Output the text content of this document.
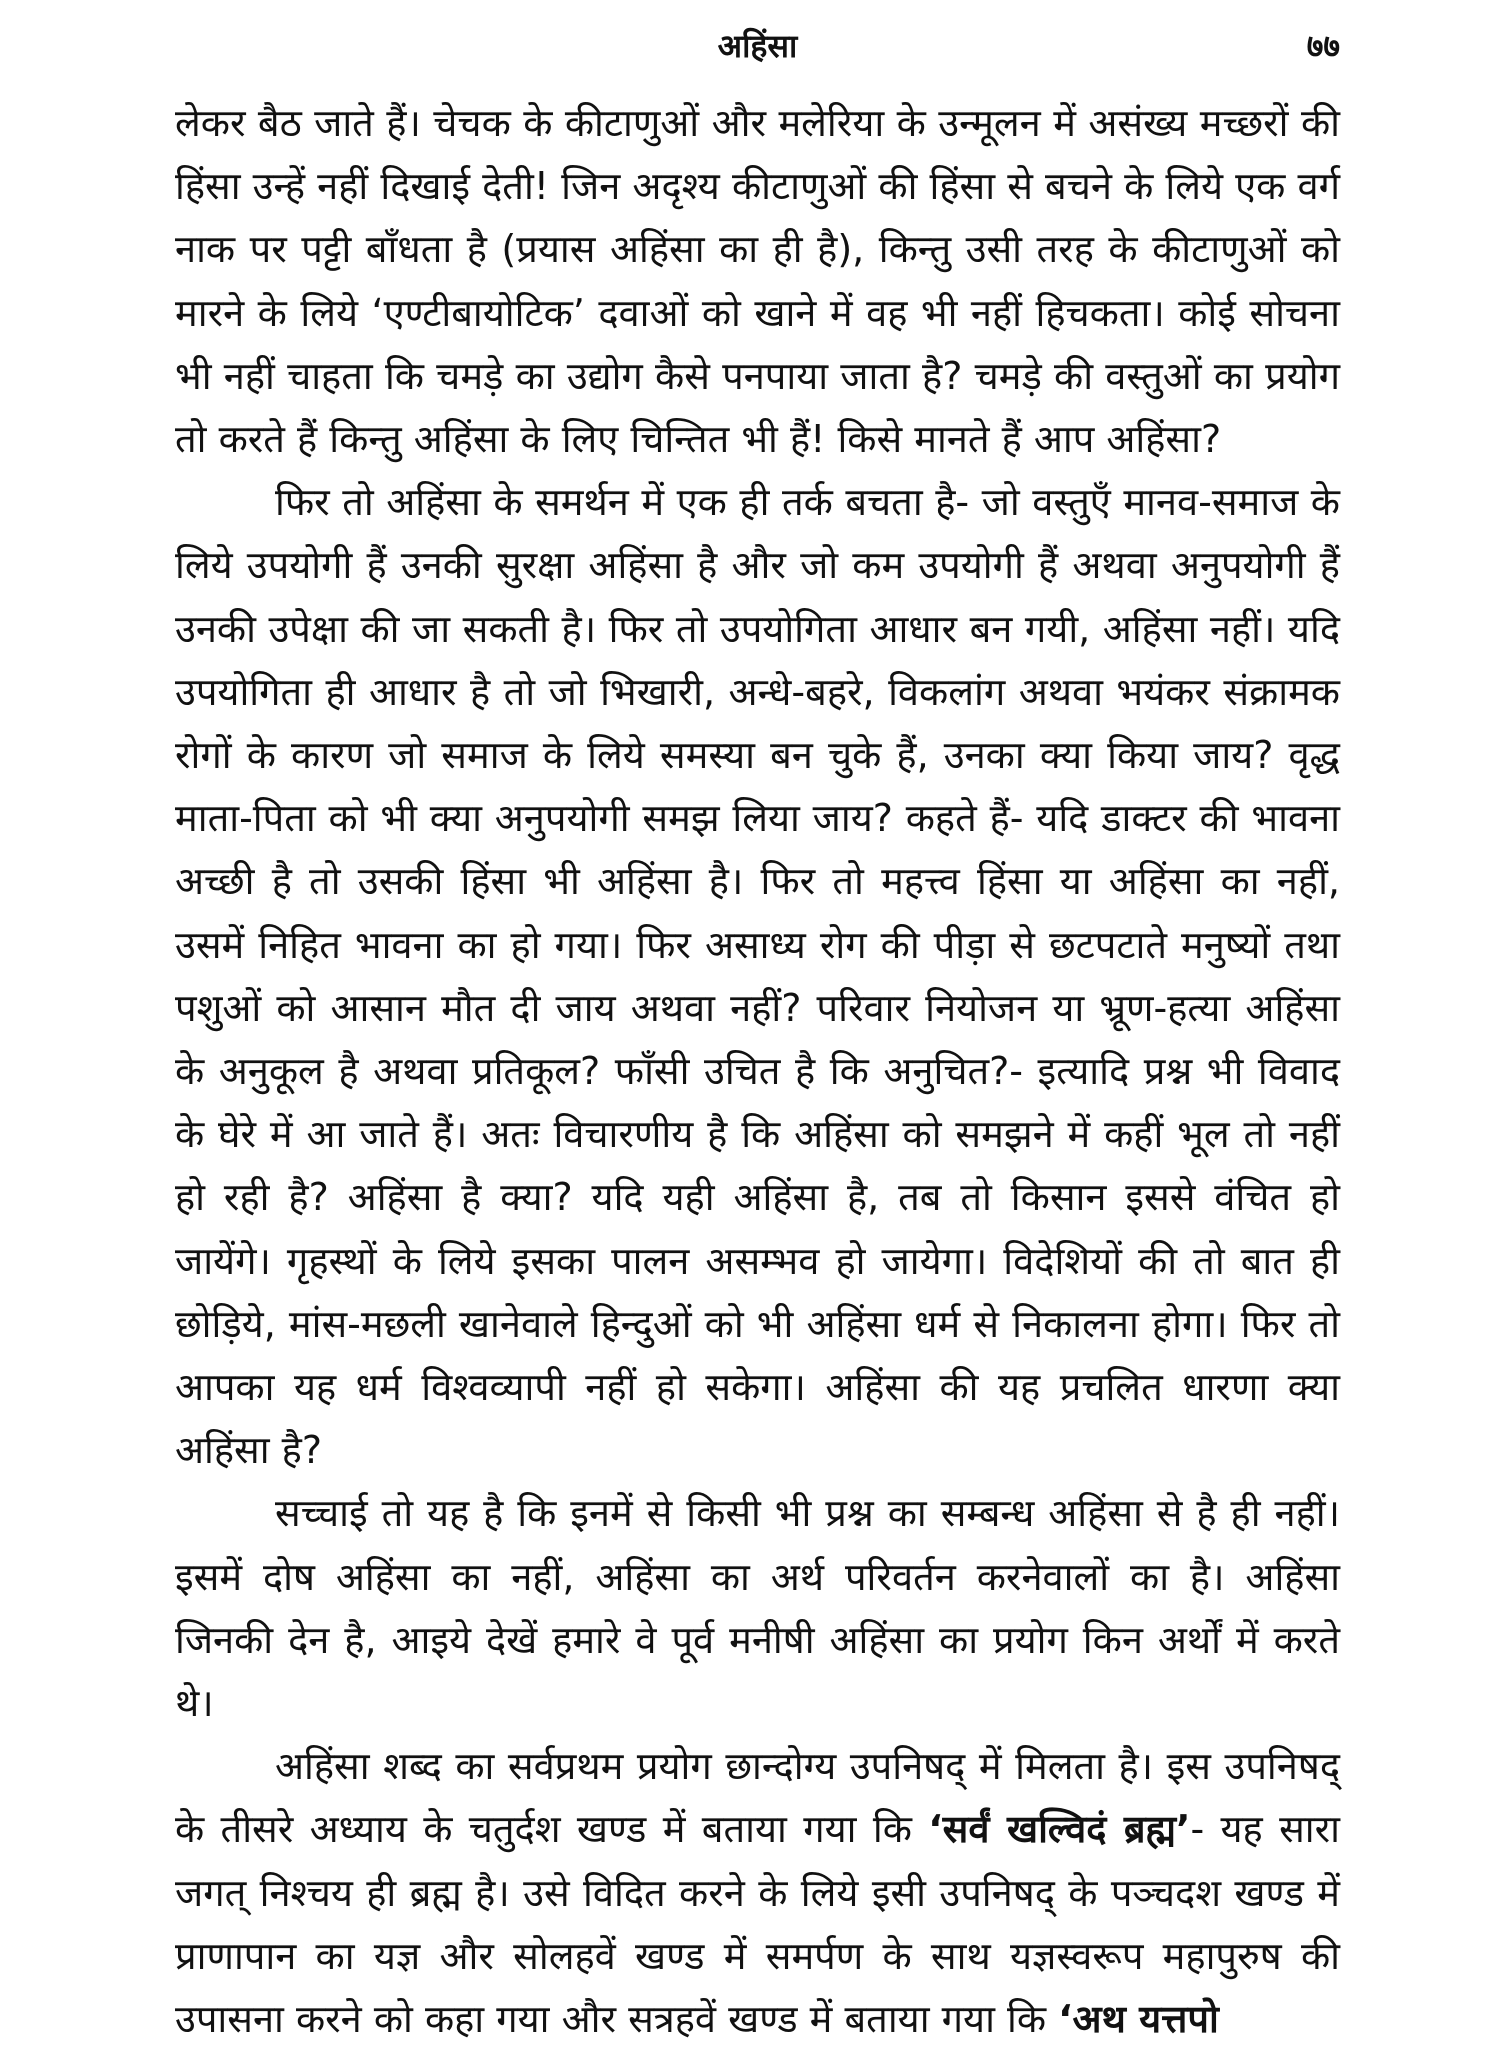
अहिंसा	७७

लेकर बैठ जाते हैं। चेचक के कीटाणुओं और मलेरिया के उन्मूलन में असंख्य मच्छरों की हिंसा उन्हें नहीं दिखाई देती! जिन अदृश्य कीटाणुओं की हिंसा से बचने के लिये एक वर्ग नाक पर पट्टी बाँधता है (प्रयास अहिंसा का ही है), किन्तु उसी तरह के कीटाणुओं को मारने के लिये ‘एण्टीबायोटिक’ दवाओं को खाने में वह भी नहीं हिचकता। कोई सोचना भी नहीं चाहता कि चमड़े का उद्योग कैसे पनपाया जाता है? चमड़े की वस्तुओं का प्रयोग तो करते हैं किन्तु अहिंसा के लिए चिन्तित भी हैं! किसे मानते हैं आप अहिंसा?

फिर तो अहिंसा के समर्थन में एक ही तर्क बचता है- जो वस्तुएँ मानव-समाज के लिये उपयोगी हैं उनकी सुरक्षा अहिंसा है और जो कम उपयोगी हैं अथवा अनुपयोगी हैं उनकी उपेक्षा की जा सकती है। फिर तो उपयोगिता आधार बन गयी, अहिंसा नहीं। यदि उपयोगिता ही आधार है तो जो भिखारी, अन्धे-बहरे, विकलांग अथवा भयंकर संक्रामक रोगों के कारण जो समाज के लिये समस्या बन चुके हैं, उनका क्या किया जाय? वृद्ध माता-पिता को भी क्या अनुपयोगी समझ लिया जाय? कहते हैं- यदि डाक्टर की भावना अच्छी है तो उसकी हिंसा भी अहिंसा है। फिर तो महत्त्व हिंसा या अहिंसा का नहीं, उसमें निहित भावना का हो गया। फिर असाध्य रोग की पीड़ा से छटपटाते मनुष्यों तथा पशुओं को आसान मौत दी जाय अथवा नहीं? परिवार नियोजन या भ्रूण-हत्या अहिंसा के अनुकूल है अथवा प्रतिकूल? फाँसी उचित है कि अनुचित?- इत्यादि प्रश्न भी विवाद के घेरे में आ जाते हैं। अतः विचारणीय है कि अहिंसा को समझने में कहीं भूल तो नहीं हो रही है? अहिंसा है क्या? यदि यही अहिंसा है, तब तो किसान इससे वंचित हो जायेंगे। गृहस्थों के लिये इसका पालन असम्भव हो जायेगा। विदेशियों की तो बात ही छोड़िये, मांस-मछली खानेवाले हिन्दुओं को भी अहिंसा धर्म से निकालना होगा। फिर तो आपका यह धर्म विश्वव्यापी नहीं हो सकेगा। अहिंसा की यह प्रचलित धारणा क्या अहिंसा है?

सच्चाई तो यह है कि इनमें से किसी भी प्रश्न का सम्बन्ध अहिंसा से है ही नहीं। इसमें दोष अहिंसा का नहीं, अहिंसा का अर्थ परिवर्तन करनेवालों का है। अहिंसा जिनकी देन है, आइये देखें हमारे वे पूर्व मनीषी अहिंसा का प्रयोग किन अर्थों में करते थे।

अहिंसा शब्द का सर्वप्रथम प्रयोग छान्दोग्य उपनिषद् में मिलता है। इस उपनिषद् के तीसरे अध्याय के चतुर्दश खण्ड में बताया गया कि ‘सर्वं खल्विदं ब्रह्म’- यह सारा जगत् निश्चय ही ब्रह्म है। उसे विदित करने के लिये इसी उपनिषद् के पञ्चदश खण्ड में प्राणापान का यज्ञ और सोलहवें खण्ड में समर्पण के साथ यज्ञस्वरूप महापुरुष की उपासना करने को कहा गया और सत्रहवें खण्ड में बताया गया कि ‘अथ यत्तपो
